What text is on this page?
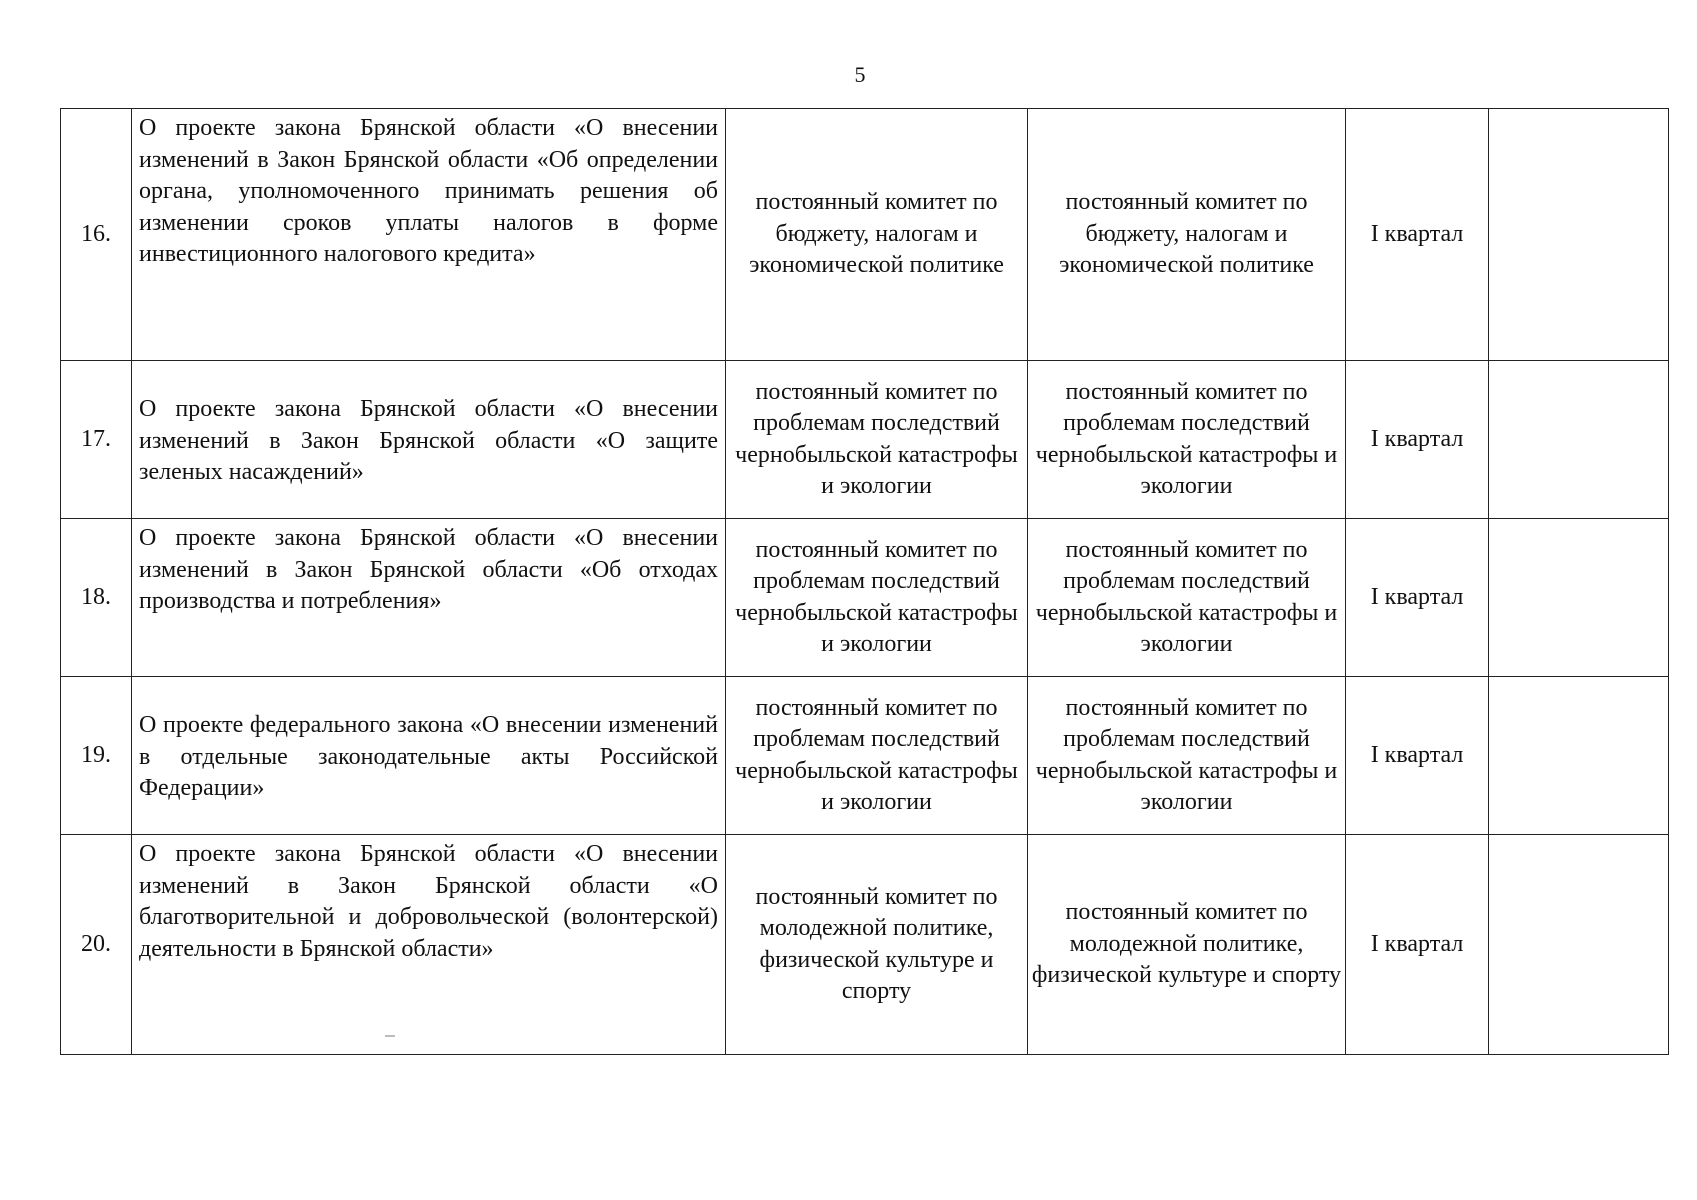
5
16.	О проекте закона Брянской области «О внесении изменений в Закон Брянской области «Об определении органа, уполномоченного принимать решения об изменении сроков уплаты налогов в форме инвестиционного налогового кредита»	постоянный комитет по бюджету, налогам и экономической политике	постоянный комитет по бюджету, налогам и экономической политике	I квартал	
17.	О проекте закона Брянской области «О внесении изменений в Закон Брянской области «О защите зеленых насаждений»	постоянный комитет по проблемам последствий чернобыльской катастрофы и экологии	постоянный комитет по проблемам последствий чернобыльской катастрофы и экологии	I квартал	
18.	О проекте закона Брянской области «О внесении изменений в Закон Брянской области «Об отходах производства и потребления»	постоянный комитет по проблемам последствий чернобыльской катастрофы и экологии	постоянный комитет по проблемам последствий чернобыльской катастрофы и экологии	I квартал	
19.	О проекте федерального закона «О внесении изменений в отдельные законодательные акты Российской Федерации»	постоянный комитет по проблемам последствий чернобыльской катастрофы и экологии	постоянный комитет по проблемам последствий чернобыльской катастрофы и экологии	I квартал	
20.	О проекте закона Брянской области «О внесении изменений в Закон Брянской области «О благотворительной и добровольческой (волонтерской) деятельности в Брянской области»	постоянный комитет по молодежной политике, физической культуре и спорту	постоянный комитет по молодежной политике, физической культуре и спорту	I квартал	
